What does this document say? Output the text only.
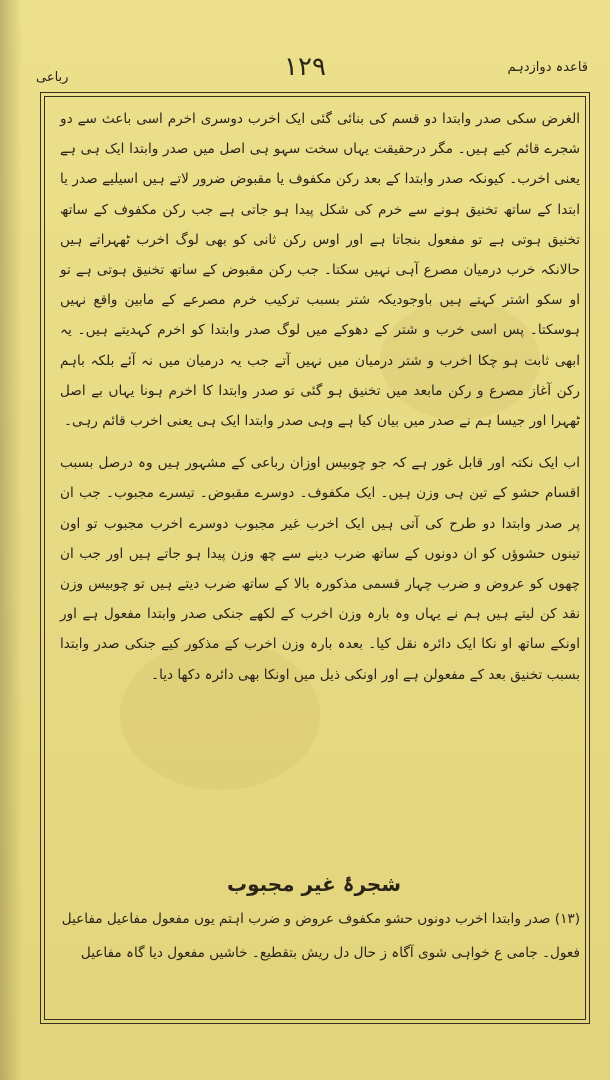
رباعی	۱۲۹	قاعدہ دوازدہم

الغرض سکی صدر وابتدا دو قسم کی بنائی گئی ایک اخرب دوسری اخرم اسی باعث سے دو شجرے قائم کیے ہیں۔ مگر درحقیقت یہاں سخت سہو ہی اصل میں صدر وابتدا ایک ہی ہے یعنی اخرب۔ کیونکہ صدر وابتدا کے بعد رکن مکفوف یا مقبوض ضرور لاتے ہیں اسیلیے صدر یا ابتدا کے ساتھ تخنیق ہونے سے خرم کی شکل پیدا ہو جاتی ہے جب رکن مکفوف کے ساتھ تخنیق ہوتی ہے تو مفعول بنجاتا ہے اور اوس رکن ثانی کو بھی لوگ اخرب ٹھہراتے ہیں حالانکہ خرب درمیان مصرع آہی نہیں سکتا۔ جب رکن مقبوض کے ساتھ تخنیق ہوتی ہے تو او سکو اشتر کہتے ہیں باوجودیکہ شتر بسبب ترکیب خرم مصرعے کے مابین واقع نہیں ہوسکتا۔ پس اسی خرب و شتر کے دھوکے میں لوگ صدر وابتدا کو اخرم کہدیتے ہیں۔ یہ ابھی ثابت ہو چکا اخرب و شتر درمیان میں نہیں آتے جب یہ درمیان میں نہ آئے بلکہ باہم رکن آغاز مصرع و رکن مابعد میں تخنیق ہو گئی تو صدر وابتدا کا اخرم ہونا یہاں بے اصل ٹھہرا اور جیسا ہم نے صدر میں بیان کیا ہے وہی صدر وابتدا ایک ہی یعنی اخرب قائم رہی۔

اب ایک نکتہ اور قابل غور ہے کہ جو چوبیس اوزان رباعی کے مشہور ہیں وہ درصل بسبب اقسام حشو کے تین ہی وزن ہیں۔ ایک مکفوف۔ دوسرے مقبوض۔ تیسرے مجبوب۔ جب ان پر صدر وابتدا دو طرح کی آتی ہیں ایک اخرب غیر مجبوب دوسرے اخرب مجبوب تو اون تینوں حشوؤں کو ان دونوں کے ساتھ ضرب دینے سے چھ وزن پیدا ہو جاتے ہیں اور جب ان چھوں کو عروض و ضرب چہار قسمی مذکورہ بالا کے ساتھ ضرب دیتے ہیں تو چوبیس وزن نقد کن لیتے ہیں ہم نے یہاں وہ بارہ وزن اخرب کے لکھے جنکی صدر وابتدا مفعول ہے اور اونکے ساتھ او نکا ایک دائرہ نقل کیا۔ بعدہ بارہ وزن اخرب کے مذکور کیے جنکی صدر وابتدا بسبب تخنیق بعد کے مفعولن ہے اور اونکی ذیل میں اونکا بھی دائرہ دکھا دیا۔

شجرۂ غیر مجبوب

(۱۳) صدر وابتدا اخرب دونوں حشو مکفوف عروض و ضرب اہتم یوں مفعول مفاعیل مفاعیل

فعول۔ جامی ع خواہی شوی آگاہ ز حال دل ریش بتقطیع۔ خاشیں مفعول دیا گاہ مفاعیل
